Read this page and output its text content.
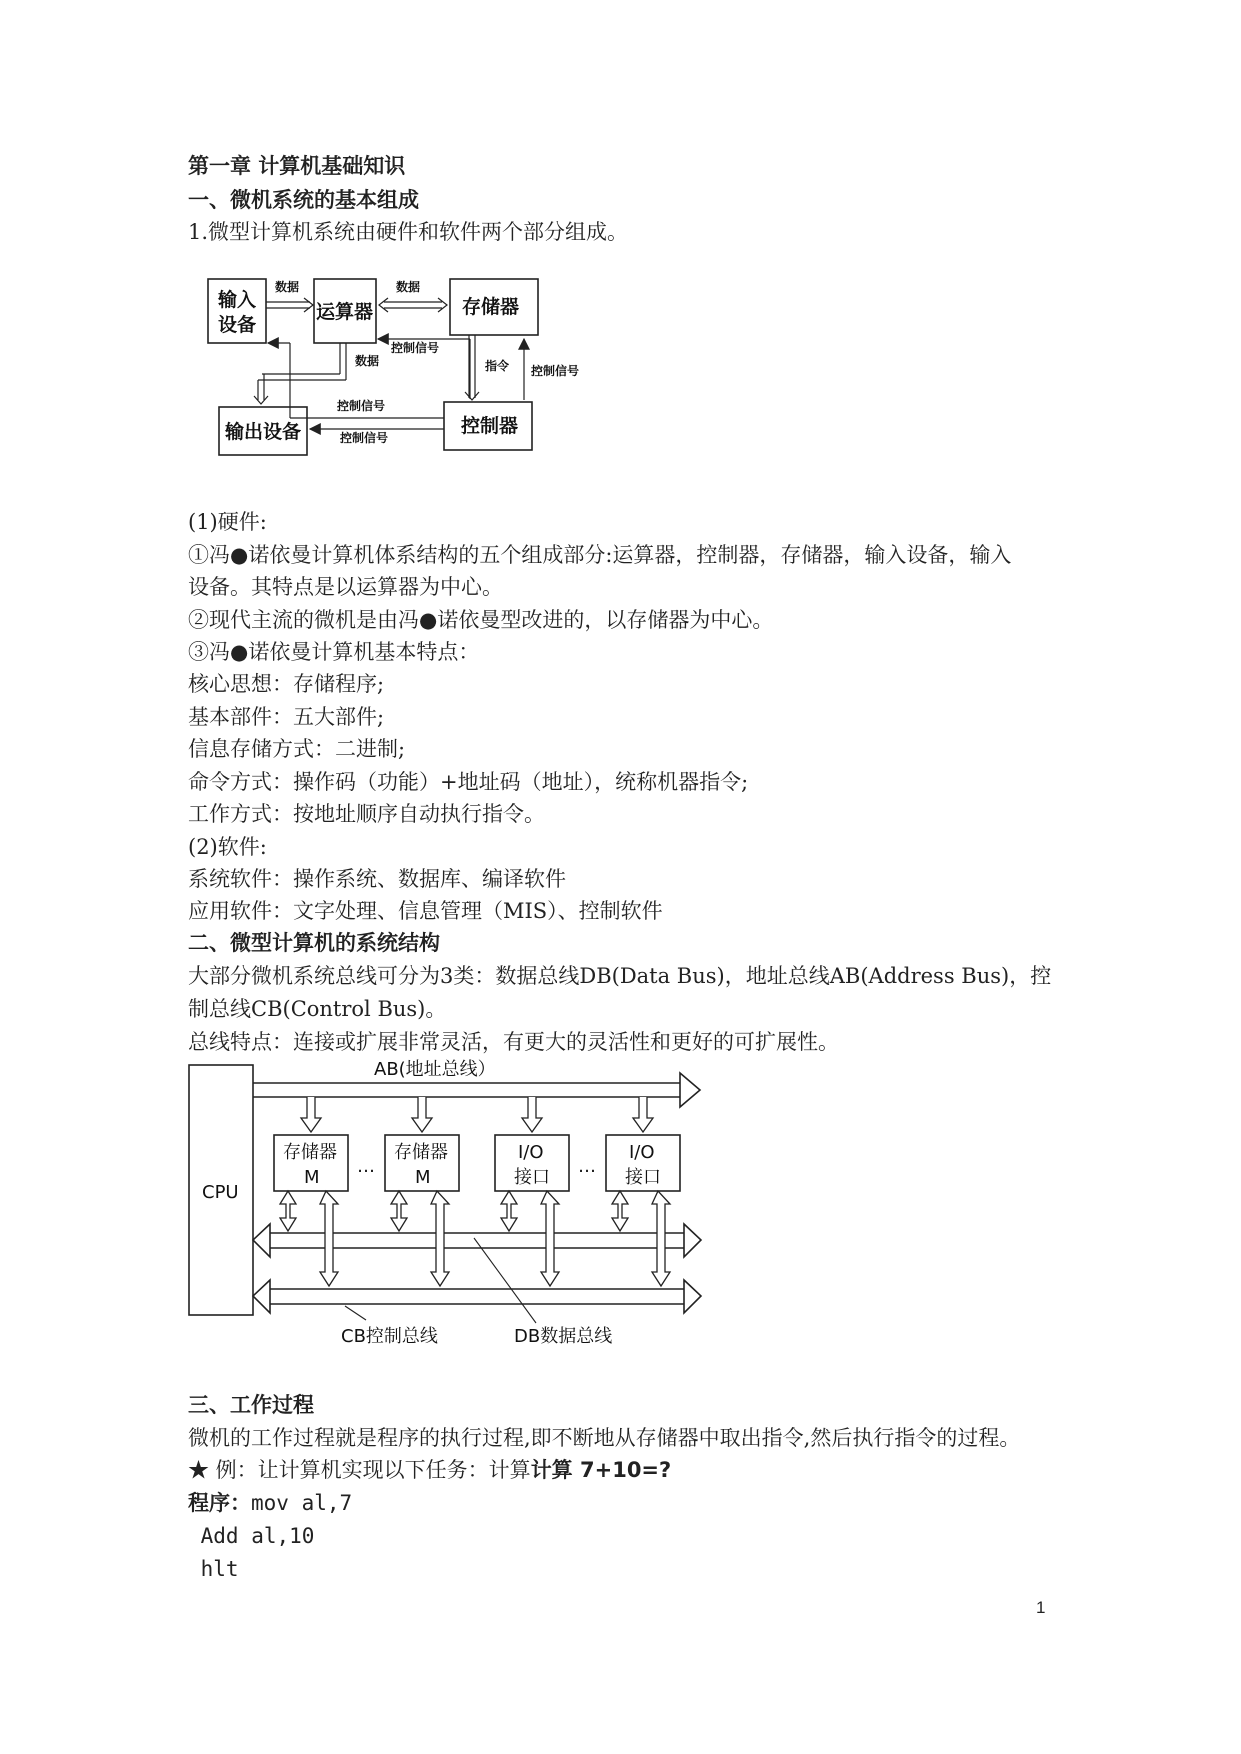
第一章 计算机基础知识
一、微机系统的基本组成
1.微型计算机系统由硬件和软件两个部分组成。
输入
设备
运算器	存储器
输出设备	控制器
数据	数据
数据
控制信号
指令 控制信号
控制信号
控制信号
(1)硬件:
①冯●诺依曼计算机体系结构的五个组成部分:运算器，控制器，存储器，输入设备，输入
设备。其特点是以运算器为中心。
②现代主流的微机是由冯●诺依曼型改进的，以存储器为中心。
③冯●诺依曼计算机基本特点：
核心思想：存储程序;
基本部件：五大部件;
信息存储方式：二进制;
命令方式：操作码（功能）+地址码（地址），统称机器指令;
工作方式：按地址顺序自动执行指令。
(2)软件:
系统软件：操作系统、数据库、编译软件
应用软件：文字处理、信息管理（MIS）、控制软件
二、微型计算机的系统结构
大部分微机系统总线可分为3类：数据总线DB(Data Bus)，地址总线AB(Address Bus)，控
制总线CB(Control Bus)。
总线特点：连接或扩展非常灵活，有更大的灵活性和更好的可扩展性。
CPU
AB(地址总线）
存储器
M
存储器
M
I/O
接口
I/O
接口
…	…
CB控制总线	DB数据总线
三、工作过程
微机的工作过程就是程序的执行过程,即不断地从存储器中取出指令,然后执行指令的过程。
★ 例：让计算机实现以下任务：计算计算 7+10=?
程序：mov al,7
Add al,10
hlt
1
